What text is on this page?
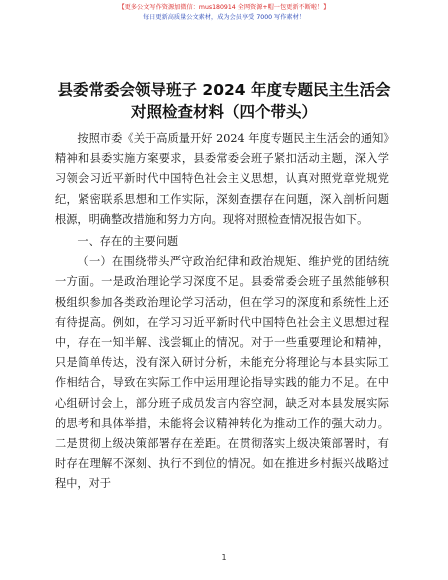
【更多公文写作资源加微信：mus180914 全网资源+帽一包更新不断啦！】
每日更新高质量公文素材，成为会员享受 7000 写作素材！
县委常委会领导班子 2024 年度专题民主生活会
对照检查材料（四个带头）

按照市委《关于高质量开好 2024 年度专题民主生活会的通知》精神和县委实施方案要求，县委常委会班子紧扣活动主题，深入学习领会习近平新时代中国特色社会主义思想，认真对照党章党规党纪，紧密联系思想和工作实际，深刻查摆存在问题，深入剖析问题根源，明确整改措施和努力方向。现将对照检查情况报告如下。

一、存在的主要问题

（一）在围绕带头严守政治纪律和政治规矩、维护党的团结统一方面。一是政治理论学习深度不足。县委常委会班子虽然能够积极组织参加各类政治理论学习活动，但在学习的深度和系统性上还有待提高。例如，在学习习近平新时代中国特色社会主义思想过程中，存在一知半解、浅尝辄止的情况。对于一些重要理论和精神，只是简单传达，没有深入研讨分析，未能充分将理论与本县实际工作相结合，导致在实际工作中运用理论指导实践的能力不足。在中心组研讨会上，部分班子成员发言内容空洞，缺乏对本县发展实际的思考和具体举措，未能将会议精神转化为推动工作的强大动力。二是贯彻上级决策部署存在差距。在贯彻落实上级决策部署时，有时存在理解不深刻、执行不到位的情况。如在推进乡村振兴战略过程中，对于

1
